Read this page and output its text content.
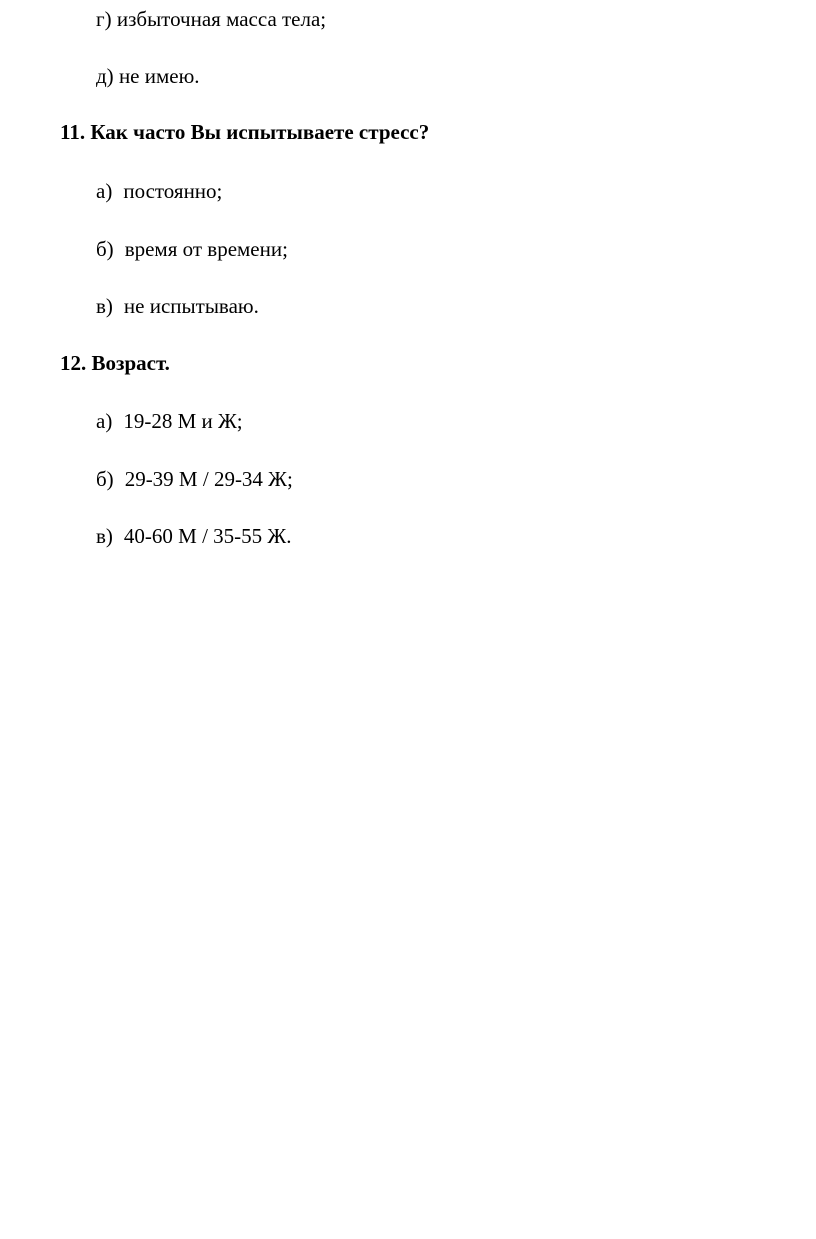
г) избыточная масса тела;
д) не имею.
11. Как часто Вы испытываете стресс?
а) постоянно;
б) время от времени;
в) не испытываю.
12. Возраст.
а) 19-28 М и Ж;
б) 29-39 М / 29-34 Ж;
в) 40-60 М / 35-55 Ж.
